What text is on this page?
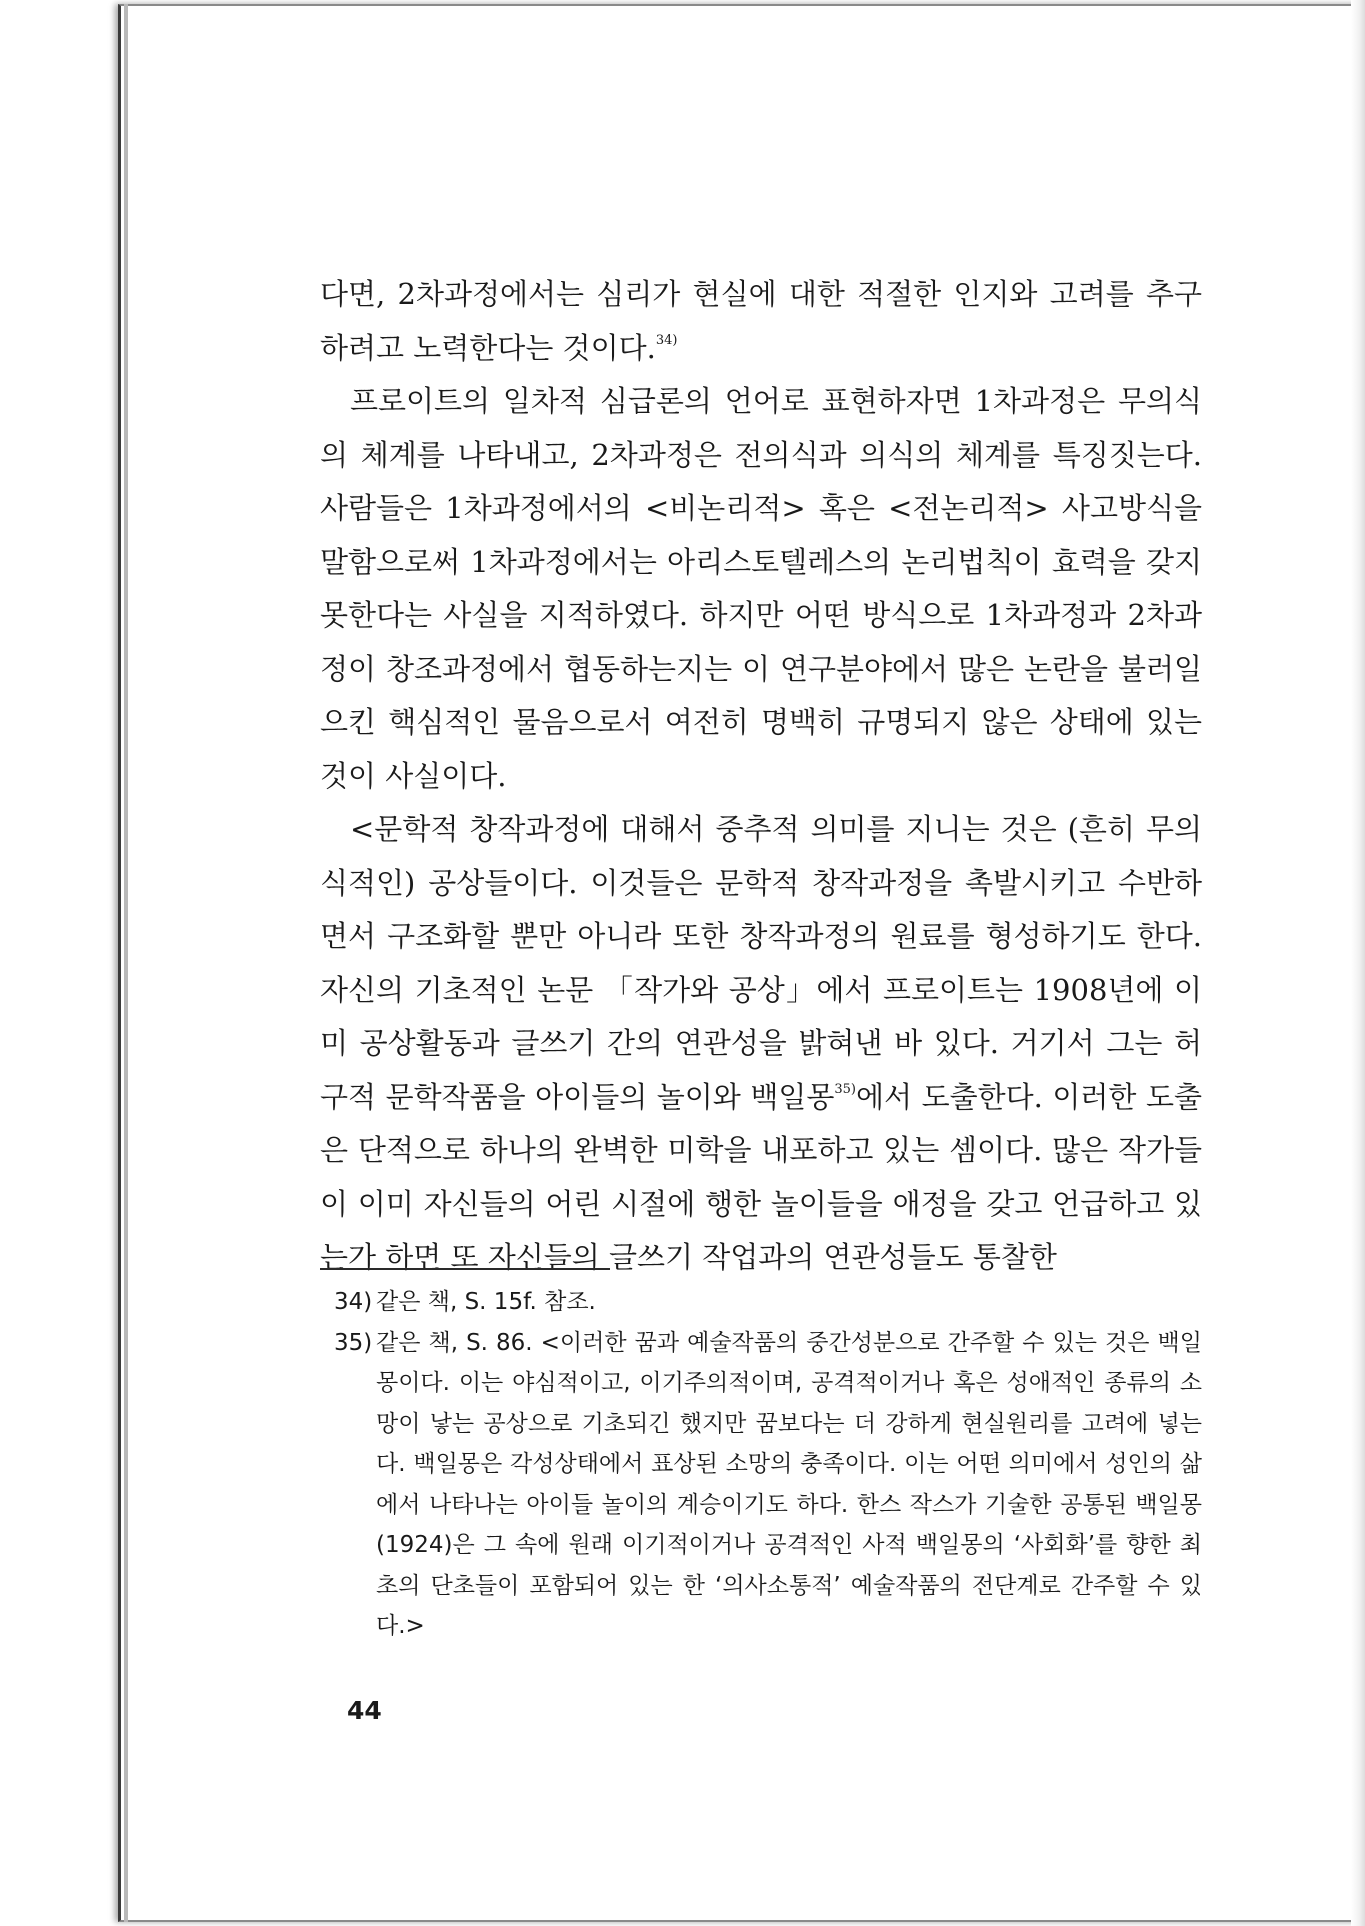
다면, 2차과정에서는 심리가 현실에 대한 적절한 인지와 고려를 추구하려고 노력한다는 것이다.$^{34)}$

프로이트의 일차적 심급론의 언어로 표현하자면 1차과정은 무의식의 체계를 나타내고, 2차과정은 전의식과 의식의 체계를 특징짓는다. 사람들은 1차과정에서의 <비논리적> 혹은 <전논리적> 사고방식을 말함으로써 1차과정에서는 아리스토텔레스의 논리법칙이 효력을 갖지 못한다는 사실을 지적하였다. 하지만 어떤 방식으로 1차과정과 2차과정이 창조과정에서 협동하는지는 이 연구분야에서 많은 논란을 불러일으킨 핵심적인 물음으로서 여전히 명백히 규명되지 않은 상태에 있는 것이 사실이다.

<문학적 창작과정에 대해서 중추적 의미를 지니는 것은 (흔히 무의식적인) 공상들이다. 이것들은 문학적 창작과정을 촉발시키고 수반하면서 구조화할 뿐만 아니라 또한 창작과정의 원료를 형성하기도 한다. 자신의 기초적인 논문 「작가와 공상」에서 프로이트는 1908년에 이미 공상활동과 글쓰기 간의 연관성을 밝혀낸 바 있다. 거기서 그는 허구적 문학작품을 아이들의 놀이와 백일몽$^{35)}$에서 도출한다. 이러한 도출은 단적으로 하나의 완벽한 미학을 내포하고 있는 셈이다. 많은 작가들이 이미 자신들의 어린 시절에 행한 놀이들을 애정을 갖고 언급하고 있는가 하면 또 자신들의 글쓰기 작업과의 연관성들도 통찰한

34) 같은 책, S. 15f. 참조.
35) 같은 책, S. 86. <이러한 꿈과 예술작품의 중간성분으로 간주할 수 있는 것은 백일몽이다. 이는 야심적이고, 이기주의적이며, 공격적이거나 혹은 성애적인 종류의 소망이 낳는 공상으로 기초되긴 했지만 꿈보다는 더 강하게 현실원리를 고려에 넣는다. 백일몽은 각성상태에서 표상된 소망의 충족이다. 이는 어떤 의미에서 성인의 삶에서 나타나는 아이들 놀이의 계승이기도 하다. 한스 작스가 기술한 공통된 백일몽(1924)은 그 속에 원래 이기적이거나 공격적인 사적 백일몽의 ‘사회화’를 향한 최초의 단초들이 포함되어 있는 한 ‘의사소통적’ 예술작품의 전단계로 간주할 수 있다.>
44
